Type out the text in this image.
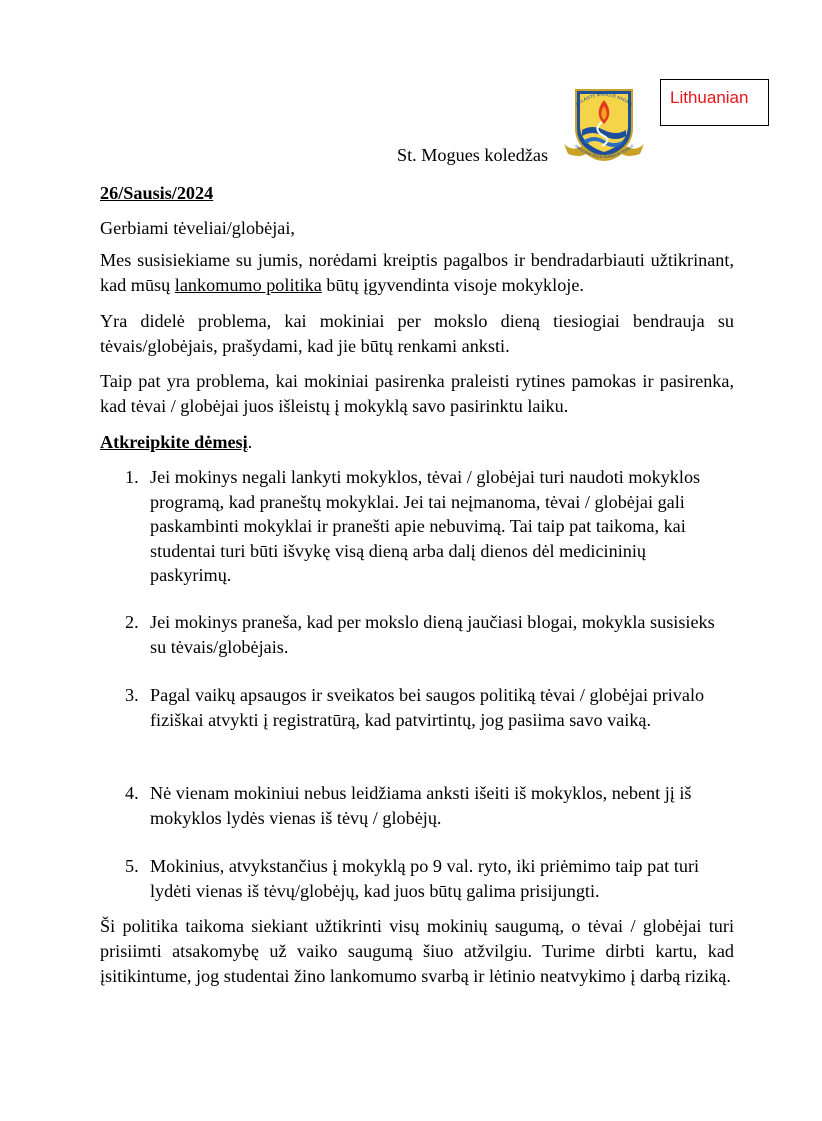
Lithuanian
COLÁISTE MHOGUE NAOMH
PREAGADH ÉIGLIA BUANAITH PEIRSHC
St. Mogues koledžas
26/Sausis/2024
Gerbiami tėveliai/globėjai,

Mes susisiekiame su jumis, norėdami kreiptis pagalbos ir bendradarbiauti užtikrinant, kad mūsų lankomumo politika būtų įgyvendinta visoje mokykloje.

Yra didelė problema, kai mokiniai per mokslo dieną tiesiogiai bendrauja su tėvais/globėjais, prašydami, kad jie būtų renkami anksti.

Taip pat yra problema, kai mokiniai pasirenka praleisti rytines pamokas ir pasirenka, kad tėvai / globėjai juos išleistų į mokyklą savo pasirinktu laiku.

Atkreipkite dėmesį.
1. Jei mokinys negali lankyti mokyklos, tėvai / globėjai turi naudoti mokyklos programą, kad praneštų mokyklai. Jei tai neįmanoma, tėvai / globėjai gali paskambinti mokyklai ir pranešti apie nebuvimą. Tai taip pat taikoma, kai studentai turi būti išvykę visą dieną arba dalį dienos dėl medicininių paskyrimų.
2. Jei mokinys praneša, kad per mokslo dieną jaučiasi blogai, mokykla susisieks su tėvais/globėjais.
3. Pagal vaikų apsaugos ir sveikatos bei saugos politiką tėvai / globėjai privalo fiziškai atvykti į registratūrą, kad patvirtintų, jog pasiima savo vaiką.
4. Nė vienam mokiniui nebus leidžiama anksti išeiti iš mokyklos, nebent jį iš mokyklos lydės vienas iš tėvų / globėjų.
5. Mokinius, atvykstančius į mokyklą po 9 val. ryto, iki priėmimo taip pat turi lydėti vienas iš tėvų/globėjų, kad juos būtų galima prisijungti.

Ši politika taikoma siekiant užtikrinti visų mokinių saugumą, o tėvai / globėjai turi prisiimti atsakomybę už vaiko saugumą šiuo atžvilgiu. Turime dirbti kartu, kad įsitikintume, jog studentai žino lankomumo svarbą ir lėtinio neatvykimo į darbą riziką.
